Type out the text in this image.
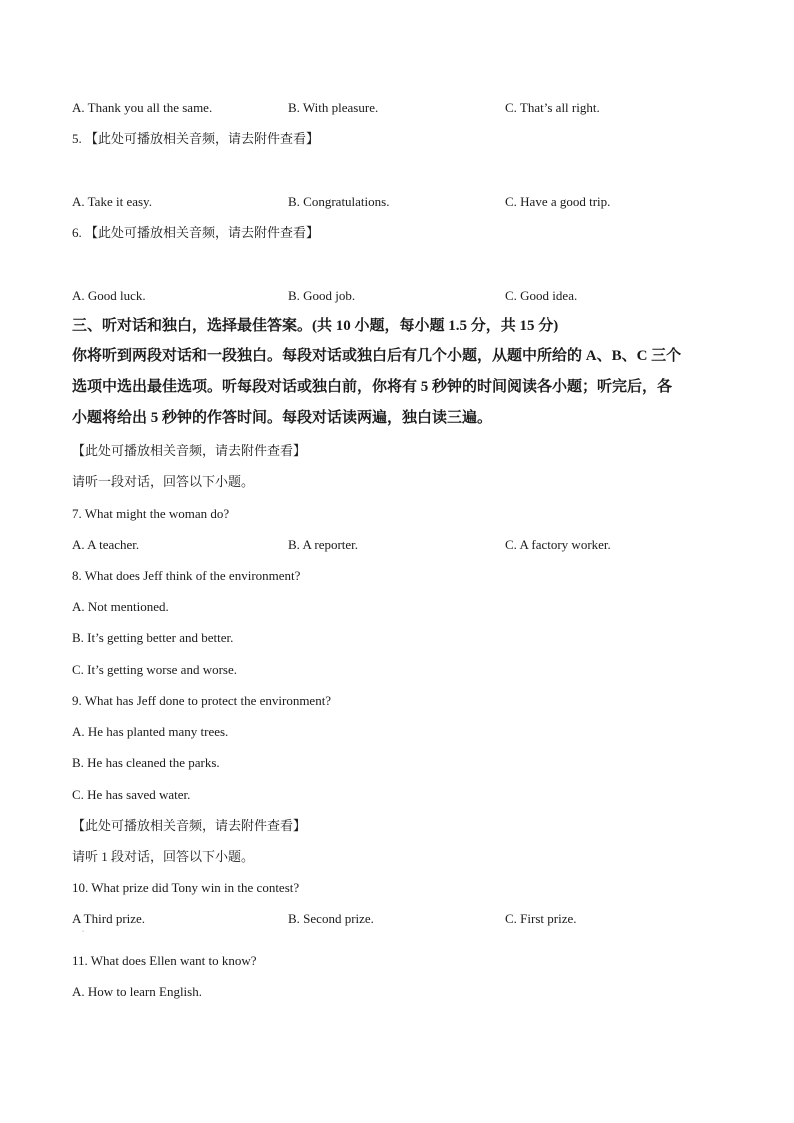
A. Thank you all the same.	B. With pleasure.	C. That’s all right.
5. 【此处可播放相关音频，请去附件查看】
A. Take it easy.	B. Congratulations.	C. Have a good trip.
6. 【此处可播放相关音频，请去附件查看】
A. Good luck.	B. Good job.	C. Good idea.
三、听对话和独白，选择最佳答案。(共 10 小题，每小题 1.5 分，共 15 分)
你将听到两段对话和一段独白。每段对话或独白后有几个小题，从题中所给的 A、B、C 三个
选项中选出最佳选项。听每段对话或独白前，你将有 5 秒钟的时间阅读各小题；听完后，各
小题将给出 5 秒钟的作答时间。每段对话读两遍，独白读三遍。
【此处可播放相关音频，请去附件查看】
请听一段对话，回答以下小题。
7. What might the woman do?
A. A teacher.	B. A reporter.	C. A factory worker.
8. What does Jeff think of the environment?
A. Not mentioned.
B. It’s getting better and better.
C. It’s getting worse and worse.
9. What has Jeff done to protect the environment?
A. He has planted many trees.
B. He has cleaned the parks.
C. He has saved water.
【此处可播放相关音频，请去附件查看】
请听 1 段对话，回答以下小题。
10. What prize did Tony win in the contest?
A Third prize.
·
B. Second prize.	C. First prize.
11. What does Ellen want to know?
A. How to learn English.
